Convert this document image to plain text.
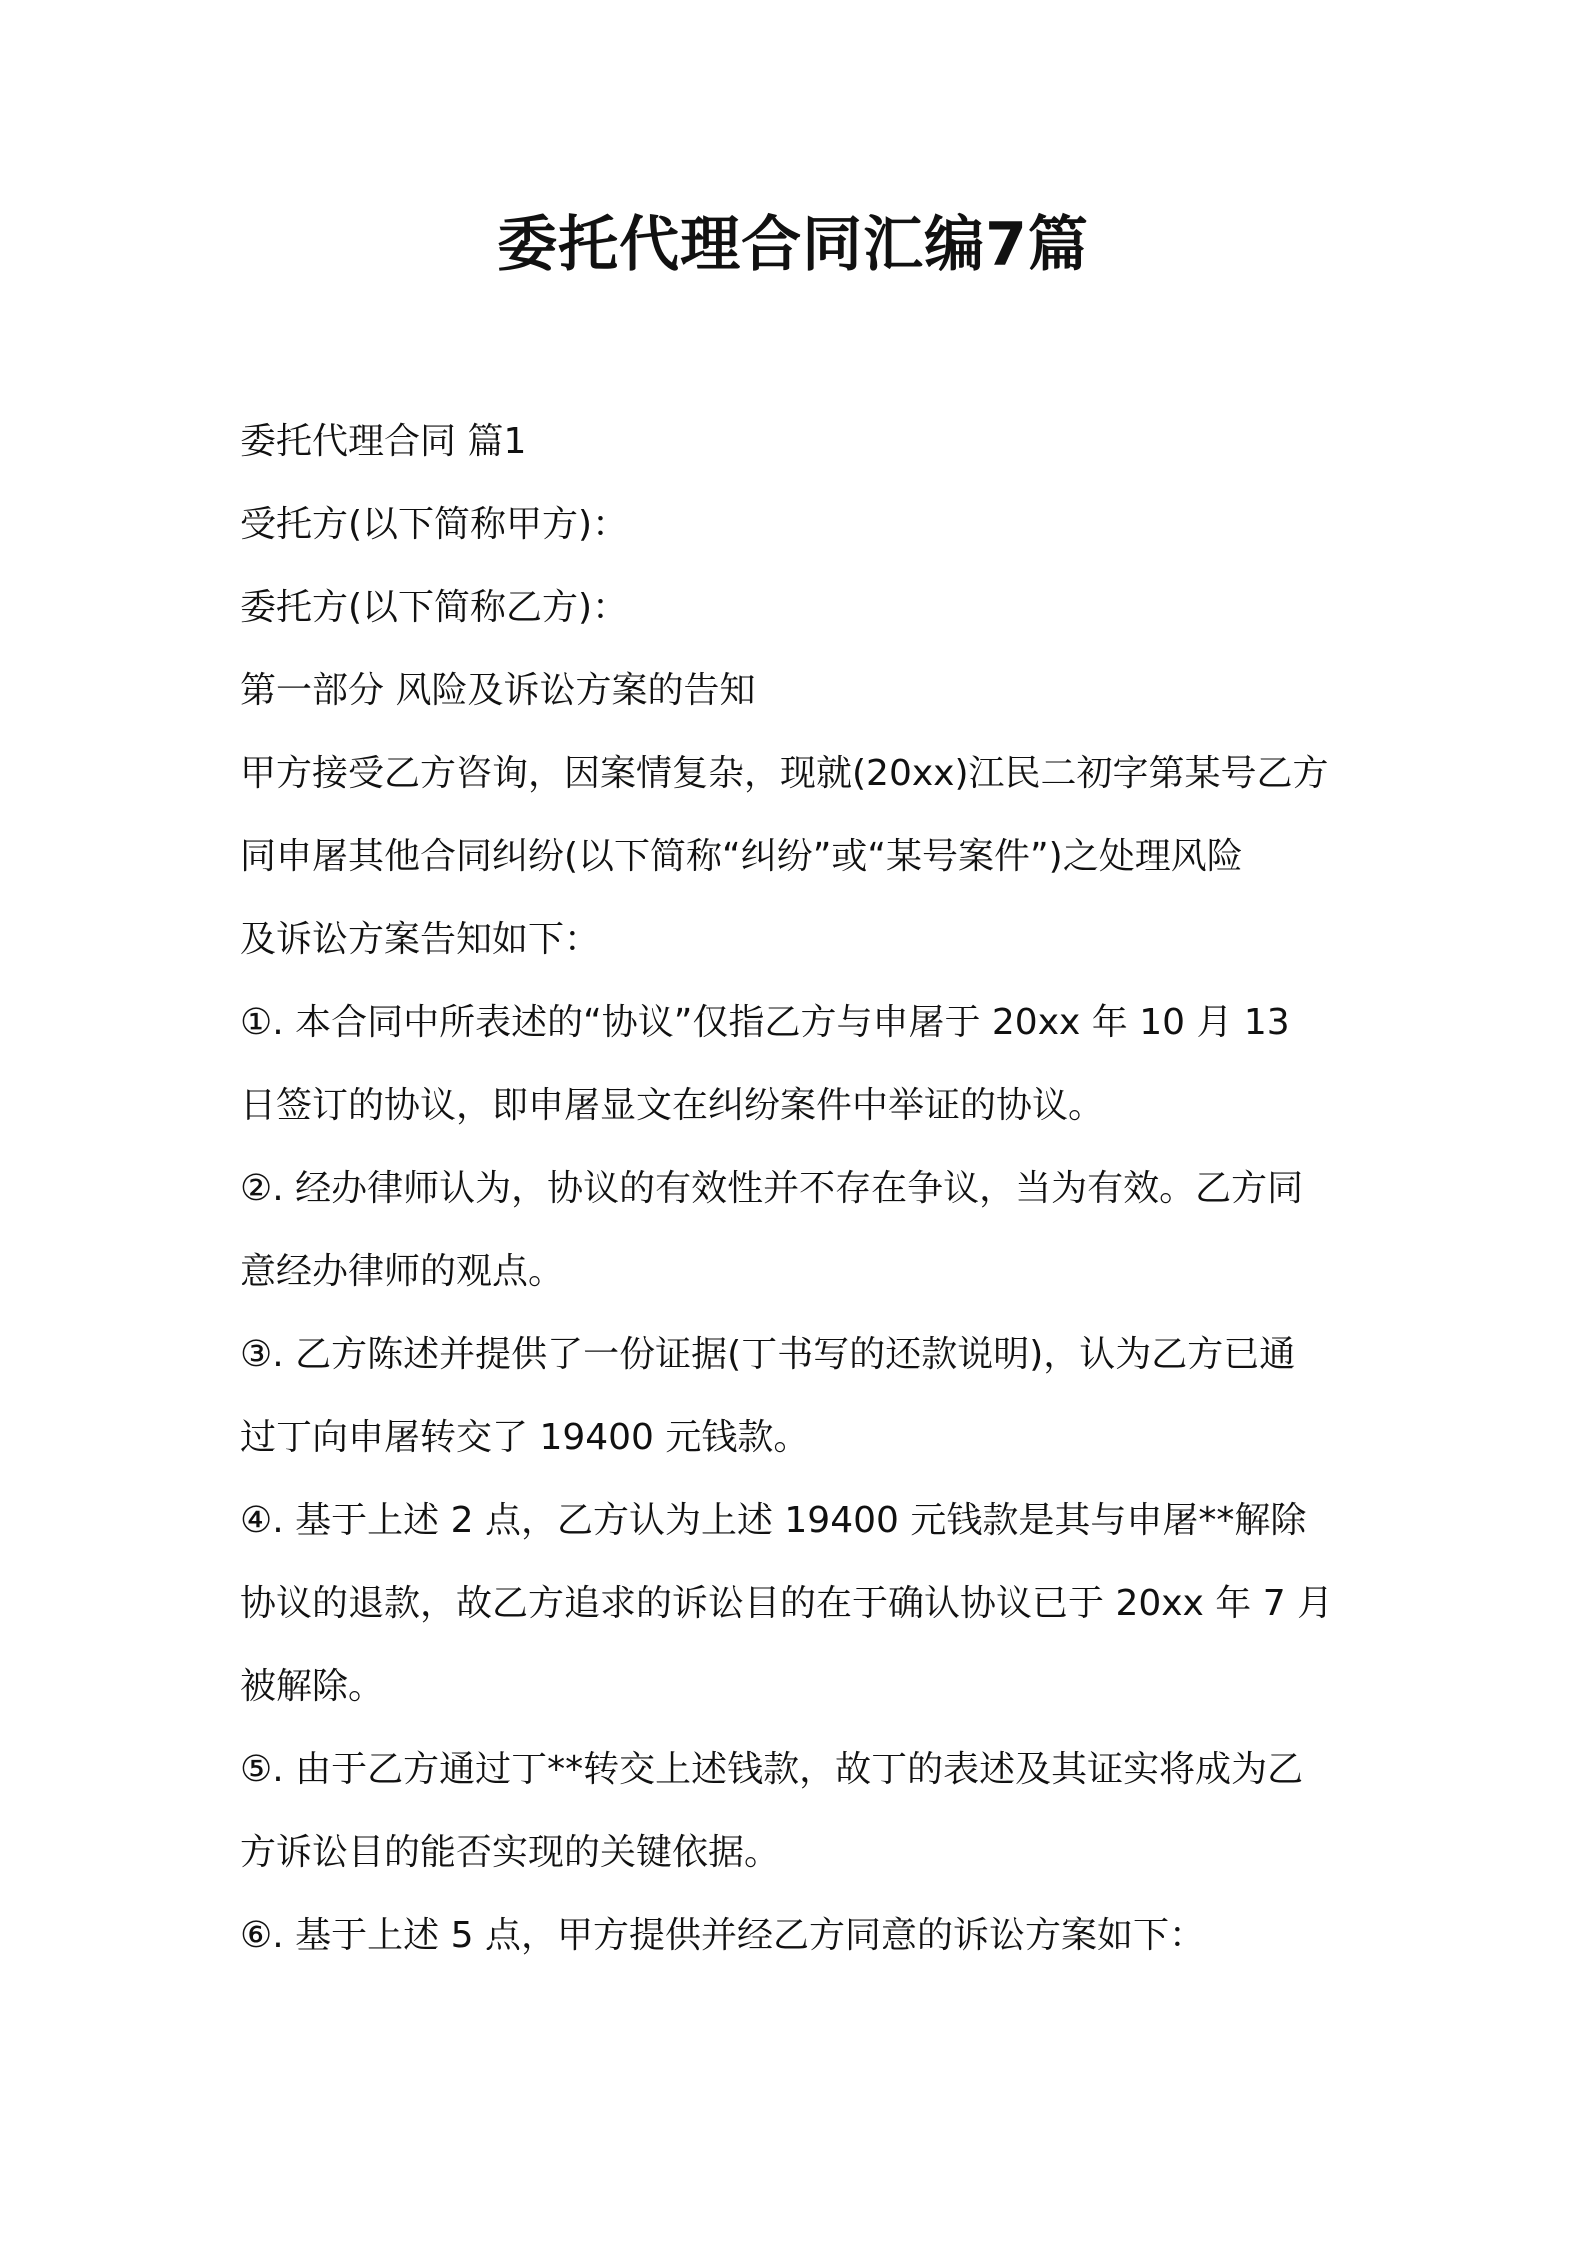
委托代理合同汇编7篇

委托代理合同 篇1

受托方(以下简称甲方)：

委托方(以下简称乙方)：

第一部分 风险及诉讼方案的告知

甲方接受乙方咨询，因案情复杂，现就(20xx)江民二初字第某号乙方
同申屠其他合同纠纷(以下简称“纠纷”或“某号案件”)之处理风险
及诉讼方案告知如下：

①. 本合同中所表述的“协议”仅指乙方与申屠于 20xx 年 10 月 13
日签订的协议，即申屠显文在纠纷案件中举证的协议。

②. 经办律师认为，协议的有效性并不存在争议，当为有效。乙方同
意经办律师的观点。

③. 乙方陈述并提供了一份证据(丁书写的还款说明)，认为乙方已通
过丁向申屠转交了 19400 元钱款。

④. 基于上述 2 点，乙方认为上述 19400 元钱款是其与申屠**解除
协议的退款，故乙方追求的诉讼目的在于确认协议已于 20xx 年 7 月
被解除。

⑤. 由于乙方通过丁**转交上述钱款，故丁的表述及其证实将成为乙
方诉讼目的能否实现的关键依据。

⑥. 基于上述 5 点，甲方提供并经乙方同意的诉讼方案如下：
